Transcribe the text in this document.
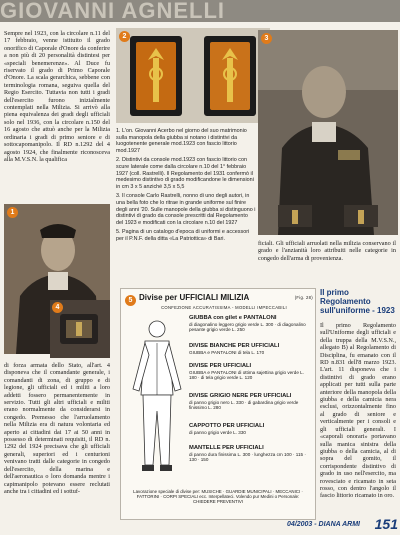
GIOVANNI AGNELLI

Sempre nel 1923, con la circolare n.11 del 17 febbraio, venne istituito il grado onorifico di Caporale d'Onore da conferire a non più di 20 personalità distintesi per «speciali benemerenze». Al Duce fu riservato il grado di Primo Caporale d'Onore. La scala gerarchica, sebbene con terminologia romana, seguiva quella del Regio Esercito. Tuttavia non tutti i gradi dell'esercito furono inizialmente contemplati nella Milizia. Si arrivò alla piena equivalenza dei gradi degli ufficiali solo nel 1936, con la circolare n.150 del 16 agosto che attuò anche per la Milizia ordinaria i gradi di primo seniore e di sottocapomanipolo. Il RD n.1292 del 4 agosto 1924, che finalmente riconosceva alla M.V.S.N. la qualifica

2	3

1. L'on. Giovanni Acerbo nel giorno del suo matrimonio sulla manopola della giubba si notano i distintivi da luogotenente generale mod.1923 con fascio littorio mod.1927

2. Distintivi da console mod.1923 con fascio littorio con scure laterale come dalla circolare n.10 del 1° febbraio 1927 (coll. Rastrelli). Il Regolamento del 1931 confermò il medesimo distintivo di grado modificandone le dimensioni in cm 3 x 5 anziché 3,5 x 5,5

3. Il console Carlo Rastrelli, nonno di uno degli autori, in una bella foto che lo ritrae in grande uniforme sul finire degli anni '20. Sulle manopole della giubba si distinguono i distintivi di grado da console prescritti dal Regolamento del 1923 e modificati con la circolare n.10 del 1927

5. Pagina di un catalogo d'epoca di uniformi e accessori per il P.N.F. della ditta «La Patriottica» di Bari.

1
4

di forza armata dello Stato, all'art. 4 disponeva che il comandante generale, i comandanti di zona, di gruppo e di legione, gli ufficiali ed i militi a loro addetti fossero permanentemente in servizio. Tutti gli altri ufficiali e militi erano normalmente da considerarsi in congedo. Premesso che l'arruolamento nella Milizia era di natura volontaria ed aperto ai cittadini dai 17 ai 50 anni in possesso di determinati requisiti, il RD n. 1292 del 1924 precisava che gli ufficiali generali, superiori ed i centurioni venivano tratti dalle categorie in congedo dell'esercito, della marina e dell'aeronautica o loro domanda mentre i capimanipolo potevano essere reclutati anche tra i cittadini ed i sottuf-

ficiali. Gli ufficiali arruolati nella milizia conservano il grado e l'anzianità loro attribuiti nelle categorie in congedo dell'arma di provenienza.

Il primo Regolamento sull'uniforme - 1923

Il primo Regolamento sull'Uniforme degli ufficiali e della truppa della M.V.S.N., allegato B) al Regolamento di Disciplina, fu emanato con il RD n.831 dell'8 marzo 1923. L'art. 11 disponeva che i distintivi di grado erano applicati per tutti sulla parte anteriore della manopola della giubba e della camicia nera esclusi, orizzontalmente fino al grado di seniore e verticalmente per i consoli e gli ufficiali generali. I «caporali onorari» portavano sulla manica sinistra della giubba o della camicia, al di sopra del gomito, il corrispondente distintivo di grado in uso nell'esercito, ma rovesciato e ricamato in seta rosso, con dentro l'angolo il fascio littorio ricamato in oro.

5 Divise per UFFICIALI MILIZIA	(Fig. 28)
CONFEZIONE ACCURATISSIMA - MODELLI IMPECCABILI
GIUBBA con gilet e PANTALONI
di diagonalino leggero grigio verde L. 300 · di diagonalino pesante grigio verde L. 250
DIVISE BIANCHE PER UFFICIALI
GIUBBA e PANTALONI di tela L. 170
DIVISE PER UFFICIALI
GIUBBA e PANTALONI di ottima sajettina grigio verde L. 180 · di tela grigio verde L. 120
DIVISE GRIGIO NERE PER UFFICIALI
di panno grigio nero L. 330 · di gabardina grigio verde finissimo L. 280
CAPPOTTO PER UFFICIALI
di panno grigio verde L. 330
MANTELLE PER UFFICIALI
di panno dura finissima L. 300 · lunghezza cm 100 · 115 · 130 · 150
Lavorazione speciale di divise per: MUSICHE · GUARDIE MUNICIPALI · MECCANICI · FATTORINI · CORPI SPECIALI ecc. Interpellateci. Volendo pur Medini o Personale: CHIEDERE PREVENTIVI
04/2003 - DIANA ARMI	151
